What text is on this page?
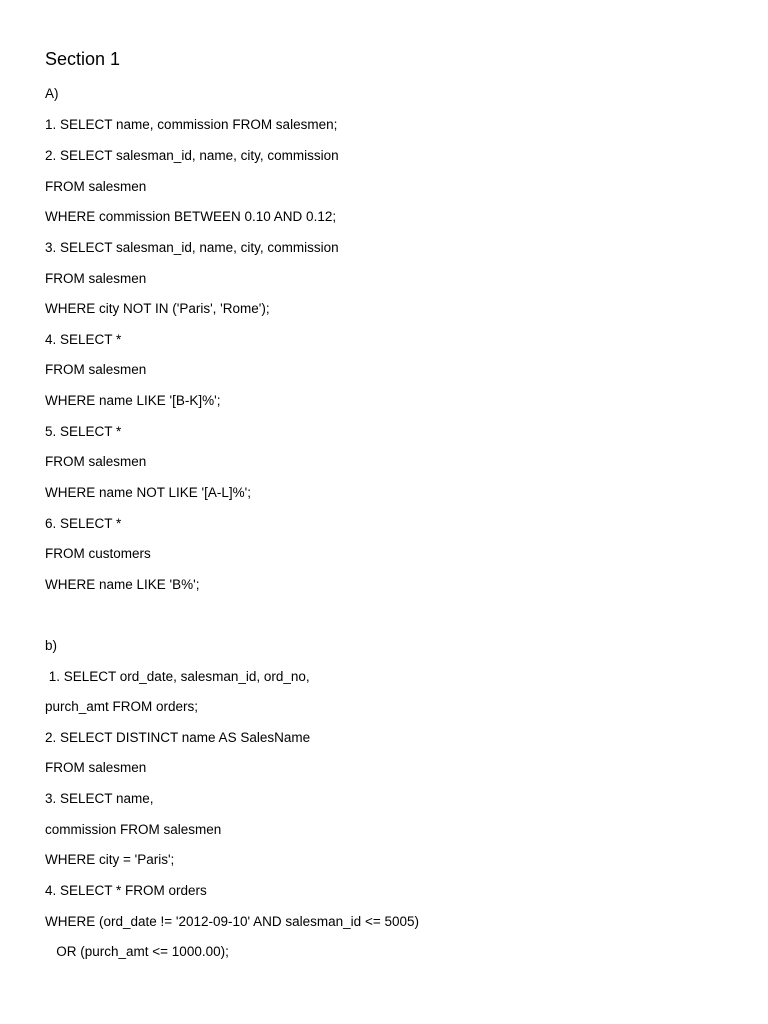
Section 1
A)
1. SELECT name, commission FROM salesmen;
2. SELECT salesman_id, name, city, commission
FROM salesmen
WHERE commission BETWEEN 0.10 AND 0.12;
3. SELECT salesman_id, name, city, commission
FROM salesmen
WHERE city NOT IN ('Paris', 'Rome');
4. SELECT *
FROM salesmen
WHERE name LIKE '[B-K]%';
5. SELECT *
FROM salesmen
WHERE name NOT LIKE '[A-L]%';
6. SELECT *
FROM customers
WHERE name LIKE 'B%';
b)
1. SELECT ord_date, salesman_id, ord_no,
purch_amt FROM orders;
2. SELECT DISTINCT name AS SalesName
FROM salesmen
3. SELECT name,
commission FROM salesmen
WHERE city = 'Paris';
4. SELECT * FROM orders
WHERE (ord_date != '2012-09-10' AND salesman_id <= 5005)
OR (purch_amt <= 1000.00);
